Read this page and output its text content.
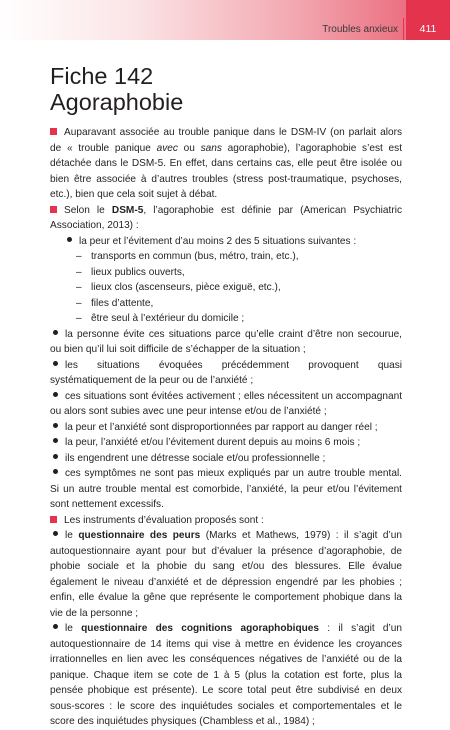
Troubles anxieux 411
Fiche 142
Agoraphobie

Auparavant associée au trouble panique dans le DSM-IV (on parlait alors de « trouble panique avec ou sans agoraphobie), l’agoraphobie s’est est détachée dans le DSM-5. En effet, dans certains cas, elle peut être isolée ou bien être associée à d’autres troubles (stress post-traumatique, psychoses, etc.), bien que cela soit sujet à débat.

Selon le DSM-5, l’agoraphobie est définie par (American Psychiatric Association, 2013) :

la peur et l’évitement d’au moins 2 des 5 situations suivantes :
– transports en commun (bus, métro, train, etc.),
– lieux publics ouverts,
– lieux clos (ascenseurs, pièce exiguë, etc.),
– files d’attente,
– être seul à l’extérieur du domicile ;
la personne évite ces situations parce qu’elle craint d’être non secourue, ou bien qu’il lui soit difficile de s’échapper de la situation ;
les situations évoquées précédemment provoquent quasi systématiquement de la peur ou de l’anxiété ;
ces situations sont évitées activement ; elles nécessitent un accompagnant ou alors sont subies avec une peur intense et/ou de l’anxiété ;
la peur et l’anxiété sont disproportionnées par rapport au danger réel ;
la peur, l’anxiété et/ou l’évitement durent depuis au moins 6 mois ;
ils engendrent une détresse sociale et/ou professionnelle ;
ces symptômes ne sont pas mieux expliqués par un autre trouble mental. Si un autre trouble mental est comorbide, l’anxiété, la peur et/ou l’évitement sont nettement excessifs.

Les instruments d’évaluation proposés sont :

le questionnaire des peurs (Marks et Mathews, 1979) : il s’agit d’un autoquestionnaire ayant pour but d’évaluer la présence d’agoraphobie, de phobie sociale et la phobie du sang et/ou des blessures. Elle évalue également le niveau d’anxiété et de dépression engendré par les phobies ; enfin, elle évalue la gêne que représente le comportement phobique dans la vie de la personne ;
le questionnaire des cognitions agoraphobiques : il s’agit d’un autoquestionnaire de 14 items qui vise à mettre en évidence les croyances irrationnelles en lien avec les conséquences négatives de l’anxiété ou de la panique. Chaque item se cote de 1 à 5 (plus la cotation est forte, plus la pensée phobique est présente). Le score total peut être subdivisé en deux sous-scores : le score des inquiétudes sociales et comportementales et le score des inquiétudes physiques (Chambless et al., 1984) ;
